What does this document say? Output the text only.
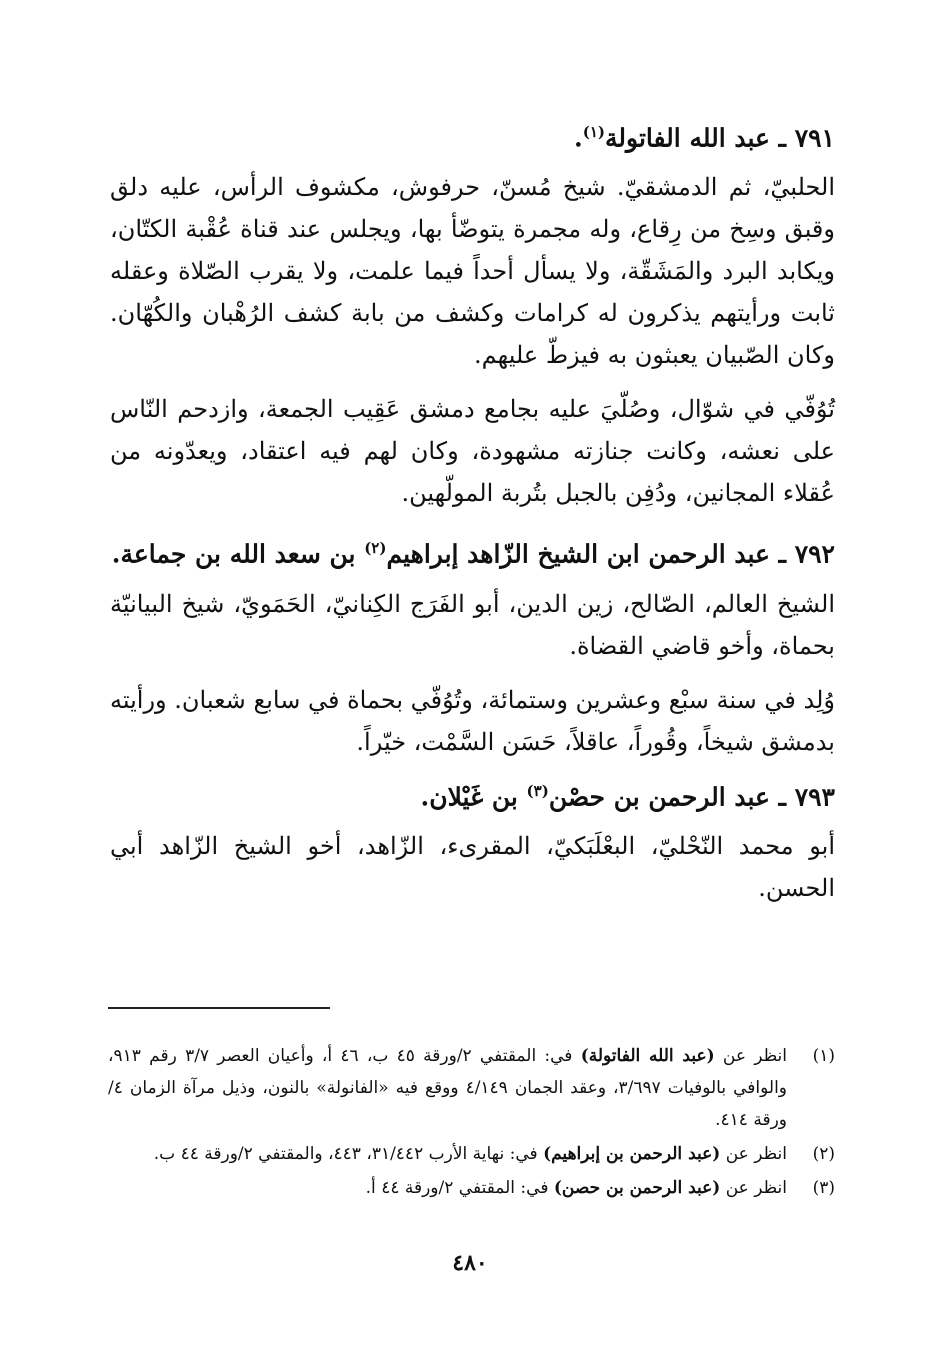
٧٩١ ـ عبد الله الفاتولة$^{(١)}$.

الحلبيّ، ثم الدمشقيّ. شيخ مُسنّ، حرفوش، مكشوف الرأس، عليه دلق وقبق وسِخ من رِقاع، وله مجمرة يتوضّأ بها، ويجلس عند قناة عُقْبة الكتّان، ويكابد البرد والمَشَقّة، ولا يسأل أحداً فيما علمت، ولا يقرب الصّلاة وعقله ثابت ورأيتهم يذكرون له كرامات وكشف من بابة كشف الرُهْبان والكُهّان. وكان الصّبيان يعبثون به فيزطّ عليهم.

تُوُفّي في شوّال، وصُلّيَ عليه بجامع دمشق عَقِيب الجمعة، وازدحم النّاس على نعشه، وكانت جنازته مشهودة، وكان لهم فيه اعتقاد، ويعدّونه من عُقلاء المجانين، ودُفِن بالجبل بتُربة المولّهين.

٧٩٢ ـ عبد الرحمن ابن الشيخ الزّاهد إبراهيم$^{(٢)}$ بن سعد الله بن جماعة.

الشيخ العالم، الصّالح، زين الدين، أبو الفَرَج الكِنانيّ، الحَمَويّ، شيخ البيانيّة بحماة، وأخو قاضي القضاة.

وُلِد في سنة سبْع وعشرين وستمائة، وتُوُفّي بحماة في سابع شعبان. ورأيته بدمشق شيخاً، وقُوراً، عاقلاً، حَسَن السَّمْت، خيّراً.

٧٩٣ ـ عبد الرحمن بن حصْن$^{(٣)}$ بن غَيْلان.

أبو محمد النّحْليّ، البعْلَبَكيّ، المقرىء، الزّاهد، أخو الشيخ الزّاهد أبي الحسن.

(١)
انظر عن (عبد الله الفاتولة) في: المقتفي ٢/ورقة ٤٥ ب، ٤٦ أ، وأعيان العصر ٣/٧ رقم ٩١٣، والوافي بالوفيات ٣/٦٩٧، وعقد الجمان ٤/١٤٩ ووقع فيه «الفانولة» بالنون، وذيل مرآة الزمان ٤/ورقة ٤١٤.
(٢)
انظر عن (عبد الرحمن بن إبراهيم) في: نهاية الأرب ٣١/٤٤٢، ٤٤٣، والمقتفي ٢/ورقة ٤٤ ب.
(٣)
انظر عن (عبد الرحمن بن حصن) في: المقتفي ٢/ورقة ٤٤ أ.
٤٨٠
